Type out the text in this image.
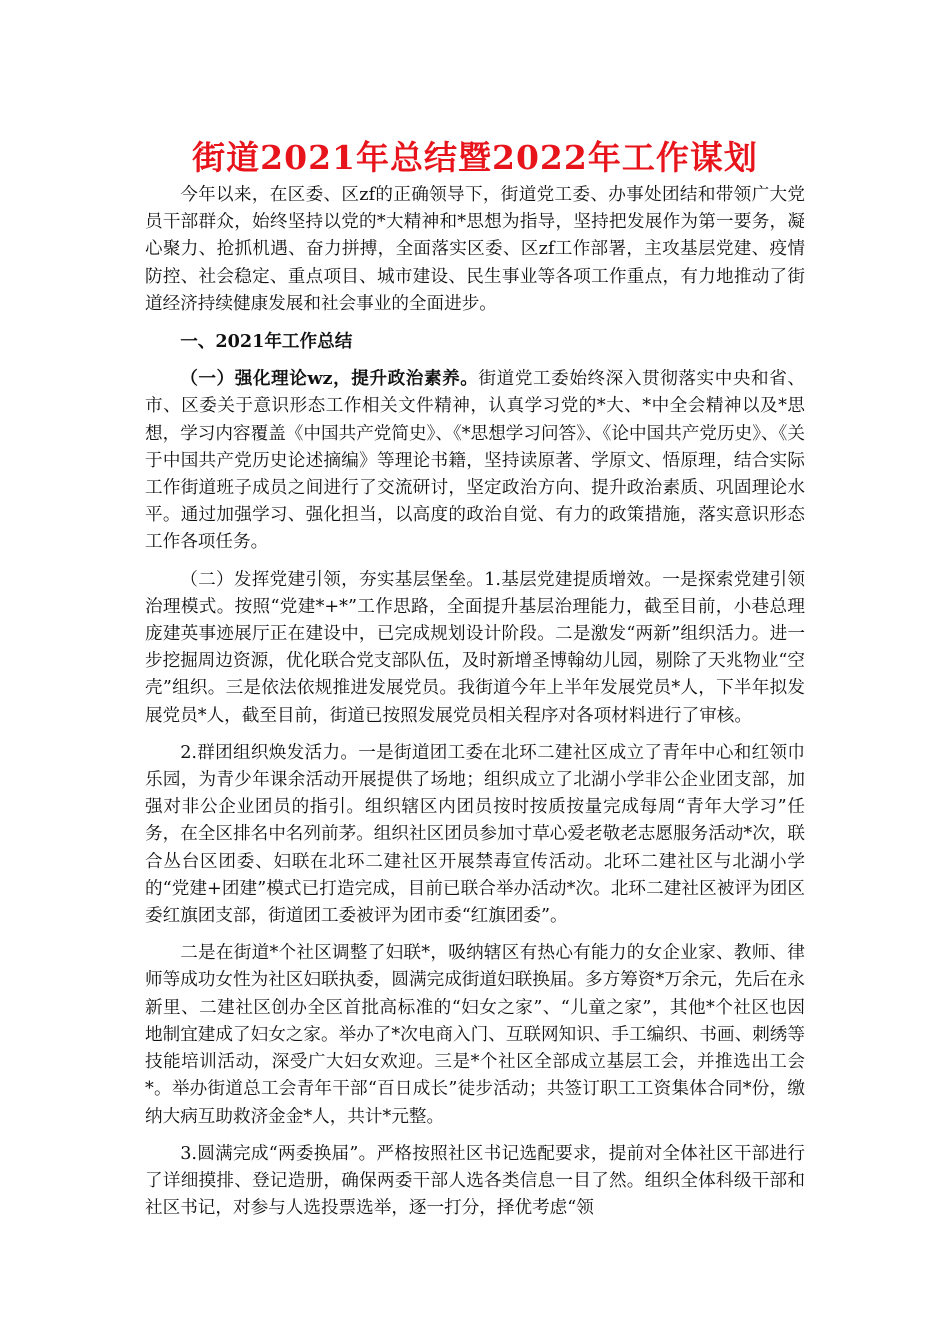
街道2021年总结暨2022年工作谋划

今年以来，在区委、区zf的正确领导下，街道党工委、办事处团结和带领广大党员干部群众，始终坚持以党的*大精神和*思想为指导，坚持把发展作为第一要务，凝心聚力、抢抓机遇、奋力拼搏，全面落实区委、区zf工作部署，主攻基层党建、疫情防控、社会稳定、重点项目、城市建设、民生事业等各项工作重点，有力地推动了街道经济持续健康发展和社会事业的全面进步。

一、2021年工作总结

（一）强化理论wz，提升政治素养。街道党工委始终深入贯彻落实中央和省、市、区委关于意识形态工作相关文件精神，认真学习党的*大、*中全会精神以及*思想，学习内容覆盖《中国共产党简史》、《*思想学习问答》、《论中国共产党历史》、《关于中国共产党历史论述摘编》等理论书籍，坚持读原著、学原文、悟原理，结合实际工作街道班子成员之间进行了交流研讨，坚定政治方向、提升政治素质、巩固理论水平。通过加强学习、强化担当，以高度的政治自觉、有力的政策措施，落实意识形态工作各项任务。

（二）发挥党建引领，夯实基层堡垒。1.基层党建提质增效。一是探索党建引领治理模式。按照“党建*+*”工作思路，全面提升基层治理能力，截至目前，小巷总理庞建英事迹展厅正在建设中，已完成规划设计阶段。二是激发“两新”组织活力。进一步挖掘周边资源，优化联合党支部队伍，及时新增圣博翰幼儿园，剔除了天兆物业“空壳”组织。三是依法依规推进发展党员。我街道今年上半年发展党员*人，下半年拟发展党员*人，截至目前，街道已按照发展党员相关程序对各项材料进行了审核。

2.群团组织焕发活力。一是街道团工委在北环二建社区成立了青年中心和红领巾乐园，为青少年课余活动开展提供了场地；组织成立了北湖小学非公企业团支部，加强对非公企业团员的指引。组织辖区内团员按时按质按量完成每周“青年大学习”任务，在全区排名中名列前茅。组织社区团员参加寸草心爱老敬老志愿服务活动*次，联合丛台区团委、妇联在北环二建社区开展禁毒宣传活动。北环二建社区与北湖小学的“党建+团建”模式已打造完成，目前已联合举办活动*次。北环二建社区被评为团区委红旗团支部，街道团工委被评为团市委“红旗团委”。

二是在街道*个社区调整了妇联*，吸纳辖区有热心有能力的女企业家、教师、律师等成功女性为社区妇联执委，圆满完成街道妇联换届。多方筹资*万余元，先后在永新里、二建社区创办全区首批高标准的“妇女之家”、“儿童之家”，其他*个社区也因地制宜建成了妇女之家。举办了*次电商入门、互联网知识、手工编织、书画、刺绣等技能培训活动，深受广大妇女欢迎。三是*个社区全部成立基层工会，并推选出工会*。举办街道总工会青年干部“百日成长”徒步活动；共签订职工工资集体合同*份，缴纳大病互助救济金金*人，共计*元整。

3.圆满完成“两委换届”。严格按照社区书记选配要求，提前对全体社区干部进行了详细摸排、登记造册，确保两委干部人选各类信息一目了然。组织全体科级干部和社区书记，对参与人选投票选举，逐一打分，择优考虑“领
